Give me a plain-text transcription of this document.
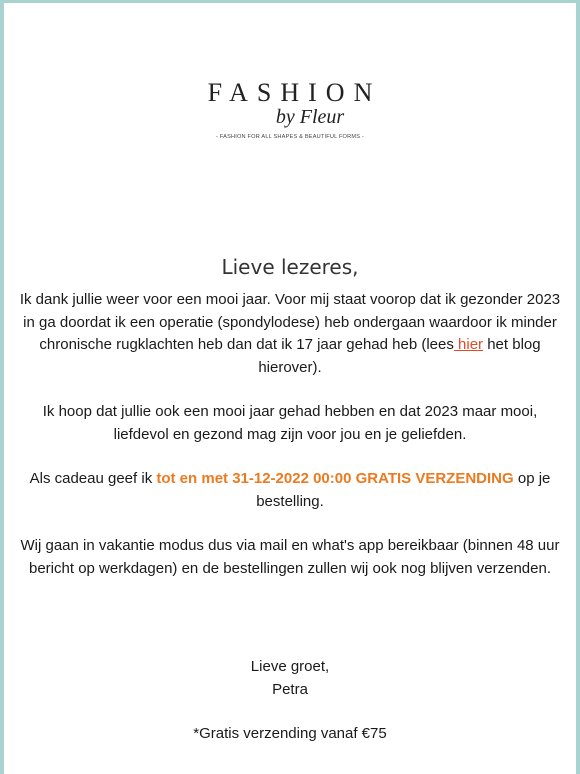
FASHION
by Fleur
- FASHION FOR ALL SHAPES & BEAUTIFUL FORMS -
Lieve lezeres,

Ik dank jullie weer voor een mooi jaar. Voor mij staat voorop dat ik gezonder 2023 in ga doordat ik een operatie (spondylodese) heb ondergaan waardoor ik minder chronische rugklachten heb dan dat ik 17 jaar gehad heb (lees hier het blog hierover).

Ik hoop dat jullie ook een mooi jaar gehad hebben en dat 2023 maar mooi, liefdevol en gezond mag zijn voor jou en je geliefden.

Als cadeau geef ik tot en met 31-12-2022 00:00 GRATIS VERZENDING op je bestelling.

Wij gaan in vakantie modus dus via mail en what's app bereikbaar (binnen 48 uur bericht op werkdagen) en de bestellingen zullen wij ook nog blijven verzenden.

Lieve groet,

Petra

*Gratis verzending vanaf €75
